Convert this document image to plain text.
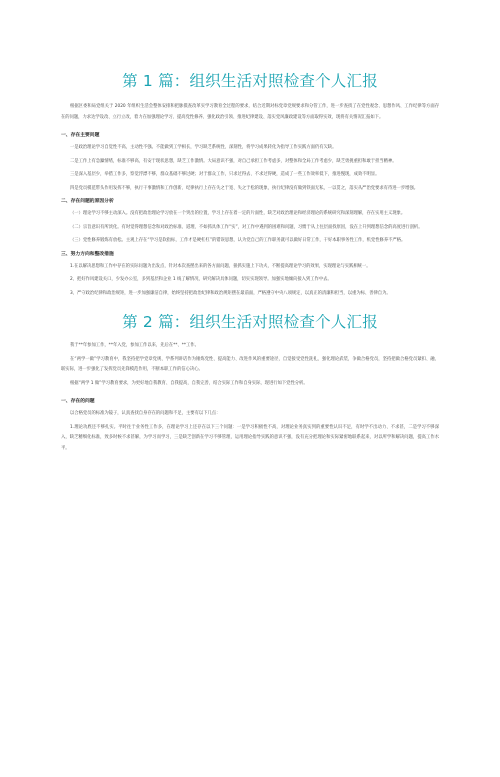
第 1 篇：组织生活对照检查个人汇报

根据区委和局党组关于 2020 年组织生活会整体安排和把脉摸查改革实学习教育全过程的要求，结合近期对标党章党规要求和分管工作，进一步查找了在党性观念、思想作风、工作纪律等方面存在的问题，力求达学设改、立行立改，着力在加强理论学习、提高党性修养、强化政治引领、推进纪律建设、落实党风廉政建设等方面取得实效，现将有关情况汇报如下。

一、存在主要问题

一是政治理论学习自觉性不高，主动性不强。不能做到工学相长，学习缺乏系统性、深刻性，将学习成果转化为指导工作实践方面仍有欠缺。

二是工作上有急躁情绪，标准不够高，有安于现状思想，缺乏工作激情。大局意识不强，对自己承担工作考虑多，对整体和全局工作考虑少，缺乏勇挑重担和敢于担当精神。

三是深入基层少，举措工作多，察觉浮漂不够，群众基础不够过硬；对于群众工作，只求过得去、不求过得硬，造成了一些工作效率低下，推进慢现，成效不明显。

四是党员模范带头作用发挥不够，执行干事激情和工作创新、纪律执行上存在失之于宽、失之于松的现象，执行纪律没有做到铁面无私，一以贯之，落实从严治党要求有待进一步增强。

二、存在问题的原因分析

（一）理论学习不够主动深入。没有把政治理论学习放在一个突出的位置，学习上存在着一定的片面性，缺乏对政治理论和经济理论的系统研究和深刻理解，存在实用主义现象。

（二）宗旨意识有所淡化。有时觉得理想信念和对政治标准、道理、不如抓具体工作“实”，对工作中遇到的困难和问题，习惯于从上往层面找原因，没在上升到理想信念的高度进行剖析。

（三）党性修养锻炼有放松。主观上存在“学习是软指标，工作才是硬杠杠”的错误思想，认为党自己的工作职务就可以做好日常工作，干好本职事务性工作，机党性修养不严格。

三、努力方向和整改措施

1.在以解决思想和工作中存在的实际问题为出发点，针对本次查摆出来的各方面问题，狠抓实施上下功夫，不断提高理论学习的效果，实现理论与实践相统一。

2、把好作风建设关口，少发办公室，多到基层和企业 1 线了解情况，研究解决具体问题，切实实现领导。加强实地倾向接入到工作中去。

3、严守政治纪律和政治规矩，进一步加强廉洁自律，始终坚持把政治纪律和政治规矩摆在最前面，严格遵守中央八项规定，以真正的清廉和担当，以重为标、善律自为。

第 2 篇：组织生活对照检查个人汇报

我于**年参加工作，**年入党，参加工作以来，先后在**、**工作。

在“两学一做”学习教育中，我坚持把学党章党规、学系列讲话作为锤炼党性、提高能力、改进作风的重要途径，自觉接受党性洗礼、强化理论武装，争做合格党员，坚持把做合格党员紧扣、融、联实际，进一步强化了发挥党员先锋模范作用，不断本职工作的信心决心。

根据“两学 1 做”学习教育要求，为更好地自我教育、自我提高，自我完善，结合实际工作和自身实际，现进行如下党性分析。

一、存在的问题

以合格党员的标准为镜子，认真查找自身存在的问题和不足，主要有以下几点：

1.理论功底还不够扎实。平时往于业务性工作多，在理论学习上还存在以下三个问题：一是学习积极性不高，对理论业务真实到的重要性认识不足，有时学不出动力、不求甚，二是学习不够深入，缺乏精细化标准，致多时候不求甚解，为学习而学习，三是缺乏创新在学习不够管理，运用理论指导实践的意识不强，没有充分把理论和实际紧密地联系起来，对以所学和解决问题，提高工作水平。
